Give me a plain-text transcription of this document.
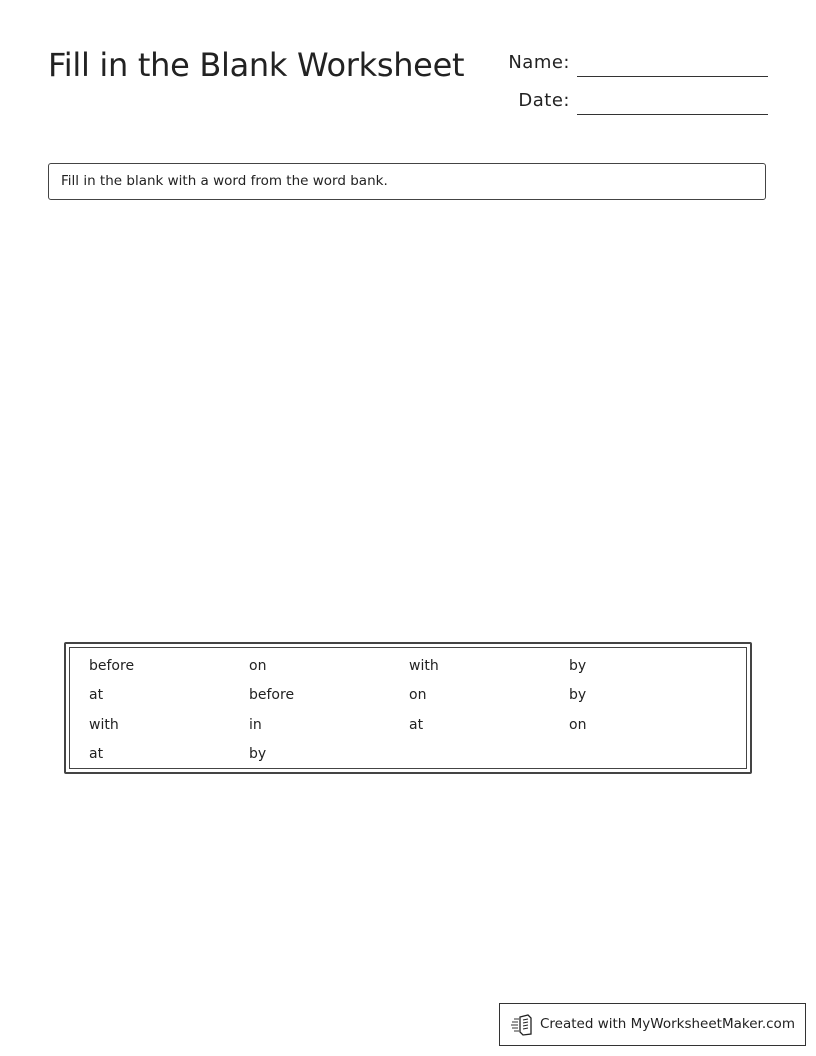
Fill in the Blank Worksheet Name:
Date:
Fill in the blank with a word from the word bank.
before	on	with	by
at	before	on	by
with	in	at	on
at	by
Created with MyWorksheetMaker.com
